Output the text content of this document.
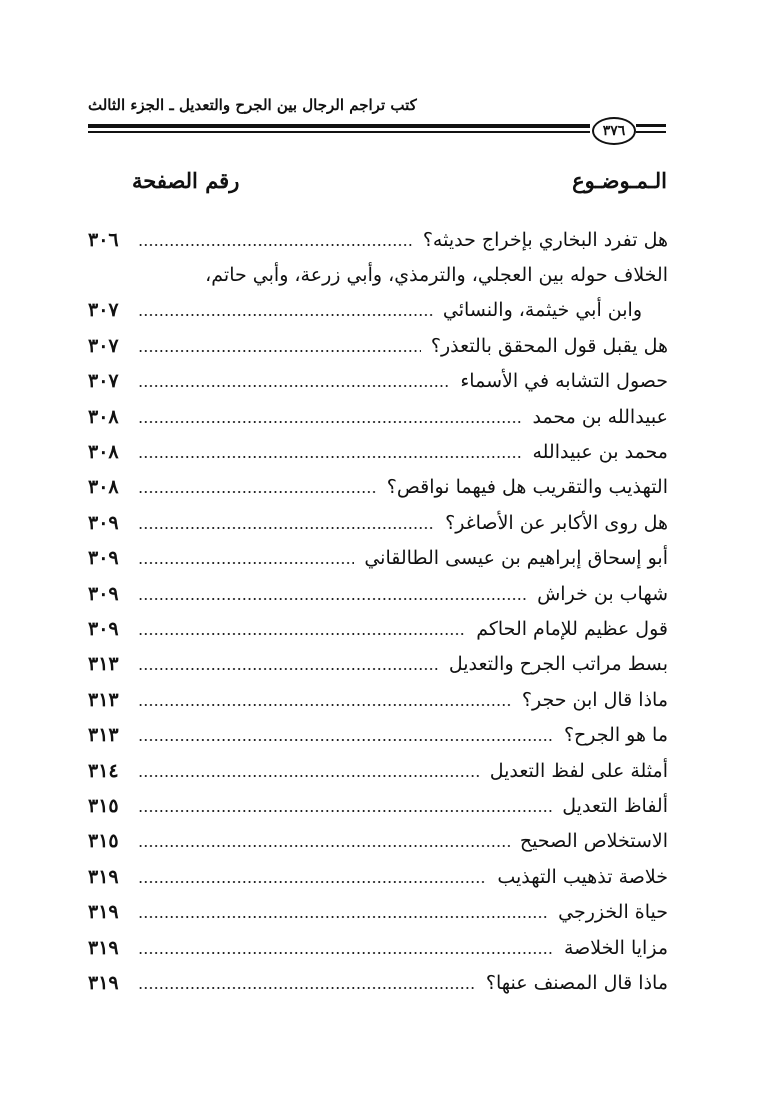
كتب تراجم الرجال بين الجرح والتعديل ـ الجزء الثالث
٣٧٦
الـمـوضـوع
رقم الصفحة
هل تفرد البخاري بإخراج حديثه؟
٣٠٦
الخلاف حوله بين العجلي، والترمذي، وأبي زرعة، وأبي حاتم،
وابن أبي خيثمة، والنسائي
٣٠٧
هل يقبل قول المحقق بالتعذر؟
٣٠٧
حصول التشابه في الأسماء
٣٠٧
عبيدالله بن محمد
٣٠٨
محمد بن عبيدالله
٣٠٨
التهذيب والتقريب هل فيهما نواقص؟
٣٠٨
هل روى الأكابر عن الأصاغر؟
٣٠٩
أبو إسحاق إبراهيم بن عيسى الطالقاني
٣٠٩
شهاب بن خراش
٣٠٩
قول عظيم للإمام الحاكم
٣٠٩
بسط مراتب الجرح والتعديل
٣١٣
ماذا قال ابن حجر؟
٣١٣
ما هو الجرح؟
٣١٣
أمثلة على لفظ التعديل
٣١٤
ألفاظ التعديل
٣١٥
الاستخلاص الصحيح
٣١٥
خلاصة تذهيب التهذيب
٣١٩
حياة الخزرجي
٣١٩
مزايا الخلاصة
٣١٩
ماذا قال المصنف عنها؟
٣١٩
